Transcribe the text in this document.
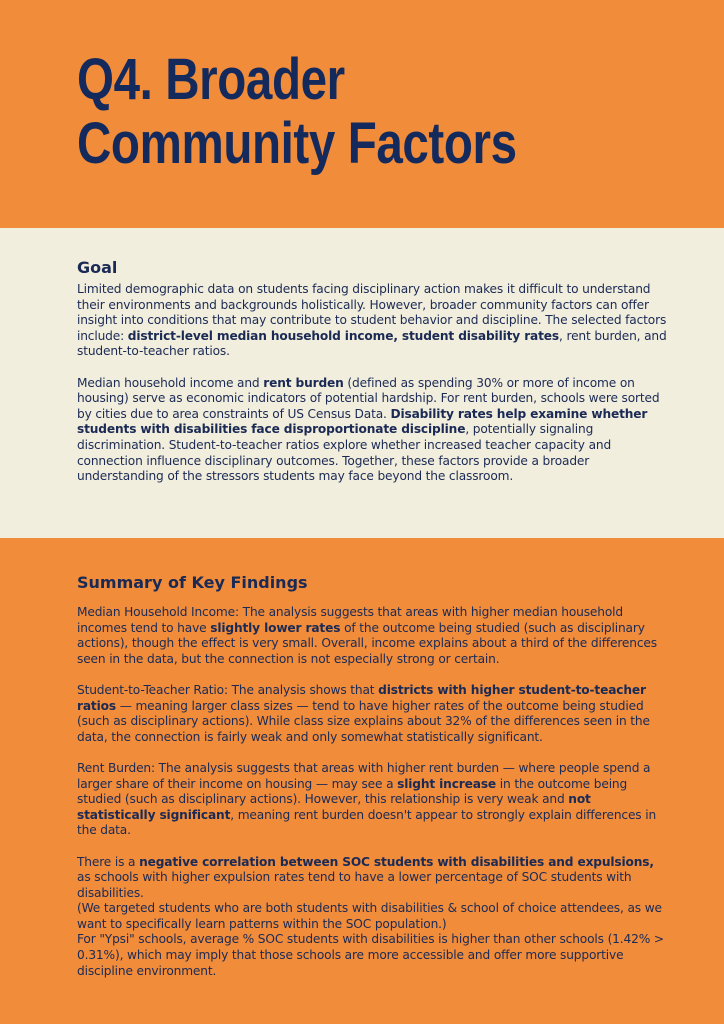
Q4. Broader
Community Factors
Goal

Limited demographic data on students facing disciplinary action makes it difficult to understand their environments and backgrounds holistically. However, broader community factors can offer insight into conditions that may contribute to student behavior and discipline. The selected factors include: district-level median household income, student disability rates, rent burden, and student-to-teacher ratios.

Median household income and rent burden (defined as spending 30% or more of income on housing) serve as economic indicators of potential hardship. For rent burden, schools were sorted by cities due to area constraints of US Census Data. Disability rates help examine whether students with disabilities face disproportionate discipline, potentially signaling discrimination. Student-to-teacher ratios explore whether increased teacher capacity and connection influence disciplinary outcomes. Together, these factors provide a broader understanding of the stressors students may face beyond the classroom.

Summary of Key Findings

Median Household Income: The analysis suggests that areas with higher median household incomes tend to have slightly lower rates of the outcome being studied (such as disciplinary actions), though the effect is very small. Overall, income explains about a third of the differences seen in the data, but the connection is not especially strong or certain.

Student-to-Teacher Ratio: The analysis shows that districts with higher student-to-teacher ratios — meaning larger class sizes — tend to have higher rates of the outcome being studied (such as disciplinary actions). While class size explains about 32% of the differences seen in the data, the connection is fairly weak and only somewhat statistically significant.

Rent Burden: The analysis suggests that areas with higher rent burden — where people spend a larger share of their income on housing — may see a slight increase in the outcome being studied (such as disciplinary actions). However, this relationship is very weak and not statistically significant, meaning rent burden doesn't appear to strongly explain differences in the data.

There is a negative correlation between SOC students with disabilities and expulsions, as schools with higher expulsion rates tend to have a lower percentage of SOC students with disabilities.
(We targeted students who are both students with disabilities & school of choice attendees, as we want to specifically learn patterns within the SOC population.)
For "Ypsi" schools, average % SOC students with disabilities is higher than other schools (1.42% > 0.31%), which may imply that those schools are more accessible and offer more supportive discipline environment.
